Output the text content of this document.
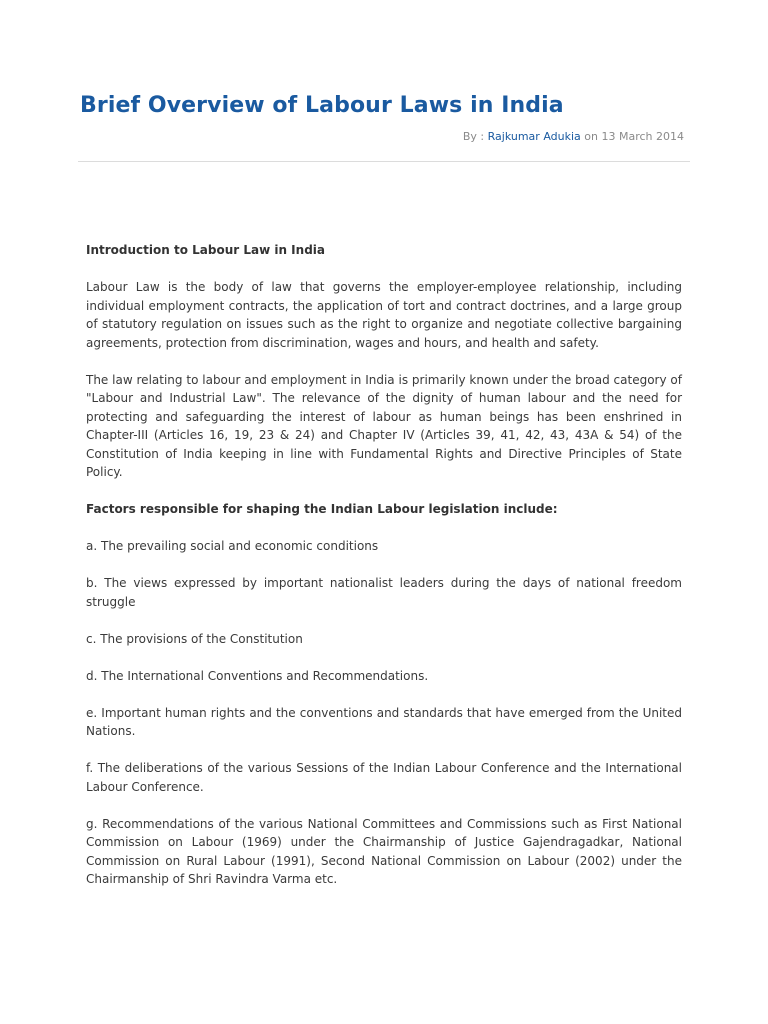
Brief Overview of Labour Laws in India
By : Rajkumar Adukia on 13 March 2014

Introduction to Labour Law in India

Labour Law is the body of law that governs the employer-employee relationship, including individual employment contracts, the application of tort and contract doctrines, and a large group of statutory regulation on issues such as the right to organize and negotiate collective bargaining agreements, protection from discrimination, wages and hours, and health and safety.

The law relating to labour and employment in India is primarily known under the broad category of "Labour and Industrial Law". The relevance of the dignity of human labour and the need for protecting and safeguarding the interest of labour as human beings has been enshrined in Chapter-III (Articles 16, 19, 23 & 24) and Chapter IV (Articles 39, 41, 42, 43, 43A & 54) of the Constitution of India keeping in line with Fundamental Rights and Directive Principles of State Policy.

Factors responsible for shaping the Indian Labour legislation include:

a. The prevailing social and economic conditions

b. The views expressed by important nationalist leaders during the days of national freedom struggle

c. The provisions of the Constitution

d. The International Conventions and Recommendations.

e. Important human rights and the conventions and standards that have emerged from the United Nations.

f. The deliberations of the various Sessions of the Indian Labour Conference and the International Labour Conference.

g. Recommendations of the various National Committees and Commissions such as First National Commission on Labour (1969) under the Chairmanship of Justice Gajendragadkar, National Commission on Rural Labour (1991), Second National Commission on Labour (2002) under the Chairmanship of Shri Ravindra Varma etc.
